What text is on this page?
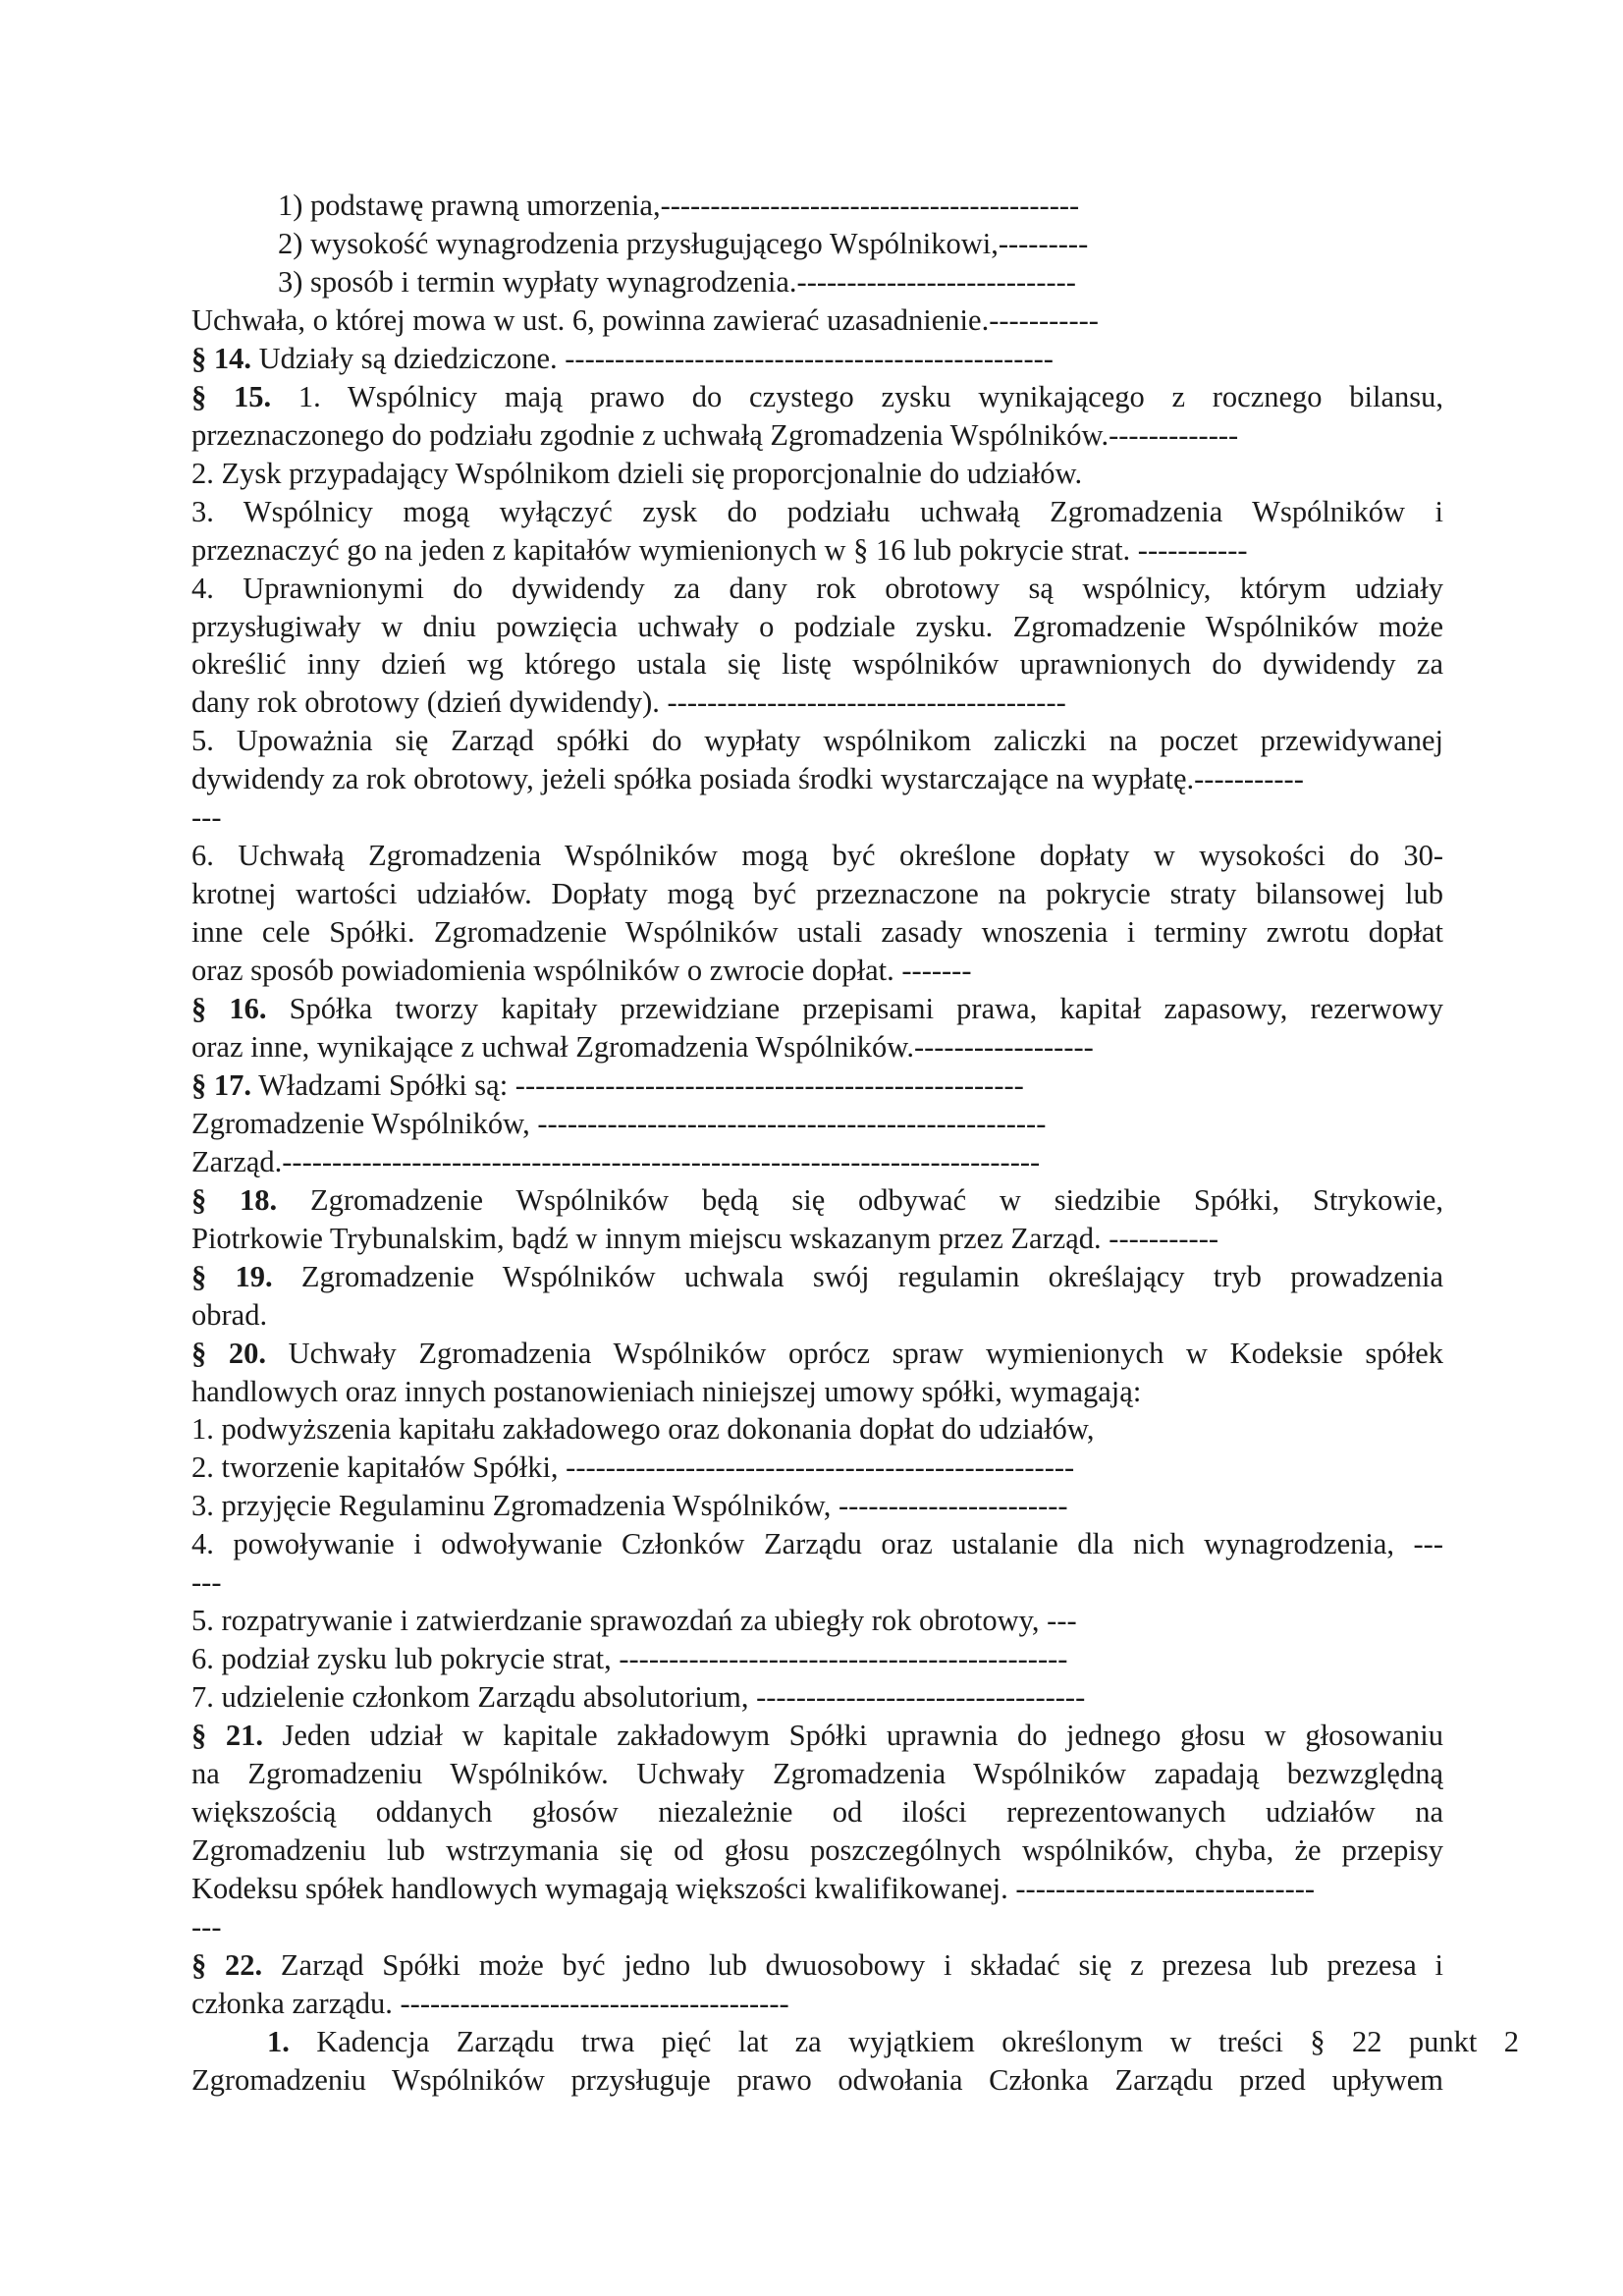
1) podstawę prawną umorzenia,------------------------------------------
2) wysokość wynagrodzenia przysługującego Wspólnikowi,---------
3) sposób i termin wypłaty wynagrodzenia.----------------------------
Uchwała, o której mowa w ust. 6, powinna zawierać uzasadnienie.-----------
§ 14. Udziały są dziedziczone. -------------------------------------------------
§ 15. 1. Wspólnicy mają prawo do czystego zysku wynikającego z rocznego bilansu,
przeznaczonego do podziału zgodnie z uchwałą Zgromadzenia Wspólników.-------------
2. Zysk przypadający Wspólnikom dzieli się proporcjonalnie do udziałów.
3. Wspólnicy mogą wyłączyć zysk do podziału uchwałą Zgromadzenia Wspólników i
przeznaczyć go na jeden z kapitałów wymienionych w § 16 lub pokrycie strat. -----------
4. Uprawnionymi do dywidendy za dany rok obrotowy są wspólnicy, którym udziały
przysługiwały w dniu powzięcia uchwały o podziale zysku. Zgromadzenie Wspólników może
określić inny dzień wg którego ustala się listę wspólników uprawnionych do dywidendy za
dany rok obrotowy (dzień dywidendy). ----------------------------------------
5. Upoważnia się Zarząd spółki do wypłaty wspólnikom zaliczki na poczet przewidywanej
dywidendy za rok obrotowy, jeżeli spółka posiada środki wystarczające na wypłatę.-----------
---
6. Uchwałą Zgromadzenia Wspólników mogą być określone dopłaty w wysokości do 30-
krotnej wartości udziałów. Dopłaty mogą być przeznaczone na pokrycie straty bilansowej lub
inne cele Spółki. Zgromadzenie Wspólników ustali zasady wnoszenia i terminy zwrotu dopłat
oraz sposób powiadomienia wspólników o zwrocie dopłat. -------
§ 16. Spółka tworzy kapitały przewidziane przepisami prawa, kapitał zapasowy, rezerwowy
oraz inne, wynikające z uchwał Zgromadzenia Wspólników.------------------
§ 17. Władzami Spółki są: ---------------------------------------------------
Zgromadzenie Wspólników, ---------------------------------------------------
Zarząd.----------------------------------------------------------------------------
§ 18. Zgromadzenie Wspólników będą się odbywać w siedzibie Spółki, Strykowie,
Piotrkowie Trybunalskim, bądź w innym miejscu wskazanym przez Zarząd. -----------
§ 19. Zgromadzenie Wspólników uchwala swój regulamin określający tryb prowadzenia
obrad.
§ 20. Uchwały Zgromadzenia Wspólników oprócz spraw wymienionych w Kodeksie spółek
handlowych oraz innych postanowieniach niniejszej umowy spółki, wymagają:
1. podwyższenia kapitału zakładowego oraz dokonania dopłat do udziałów,
2. tworzenie kapitałów Spółki, ---------------------------------------------------
3. przyjęcie Regulaminu Zgromadzenia Wspólników, -----------------------
4. powoływanie i odwoływanie Członków Zarządu oraz ustalanie dla nich wynagrodzenia, ---
---
5. rozpatrywanie i zatwierdzanie sprawozdań za ubiegły rok obrotowy, ---
6. podział zysku lub pokrycie strat, ---------------------------------------------
7. udzielenie członkom Zarządu absolutorium, ---------------------------------
§ 21. Jeden udział w kapitale zakładowym Spółki uprawnia do jednego głosu w głosowaniu
na Zgromadzeniu Wspólników. Uchwały Zgromadzenia Wspólników zapadają bezwzględną
większością oddanych głosów niezależnie od ilości reprezentowanych udziałów na
Zgromadzeniu lub wstrzymania się od głosu poszczególnych wspólników, chyba, że przepisy
Kodeksu spółek handlowych wymagają większości kwalifikowanej. ------------------------------
---
§ 22. Zarząd Spółki może być jedno lub dwuosobowy i składać się z prezesa lub prezesa i
członka zarządu. ---------------------------------------
1. Kadencja Zarządu trwa pięć lat za wyjątkiem określonym w treści § 22 punkt 2
Zgromadzeniu Wspólników przysługuje prawo odwołania Członka Zarządu przed upływem
